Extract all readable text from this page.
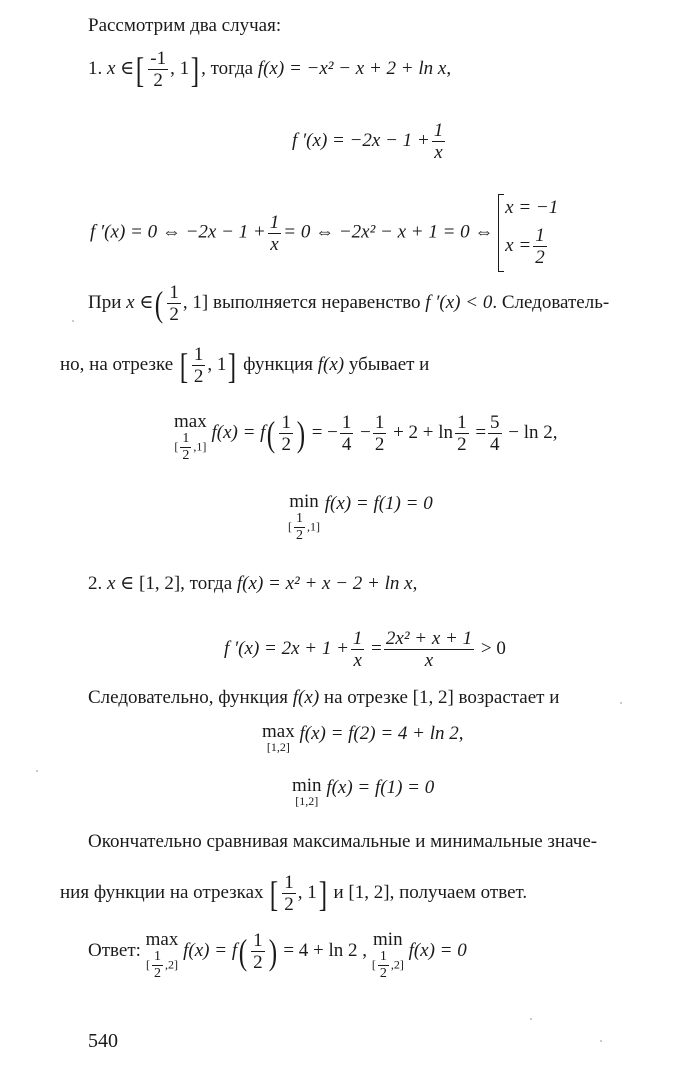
Рассмотрим два случая:
1. x ∈[ $\frac{-1}{2}$ , 1], тогда f(x) = −x² − x + 2 + ln x,
f $'(x) = -2x - 1 + \frac{1}{x}$
f ′(x) = 0 ⇔ $-2x - 1 + \frac{1}{x} = 0$ ⇔ −2x² − x + 1 = 0 ⇔
x = −1
$x = \frac{1}{2}$
При x ∈( $\frac{1}{2}$ , 1] выполняется неравенство f ′(x) < 0. Следователь-
но, на отрезке [ $\frac{1}{2}$ , 1] функция f(x) убывает и
max
[ $\frac{1}{2} ,1$]
$f(x) = f( \frac{1}{2}$ ) = − $\frac{1}{4} - \frac{1}{2} + 2 + \ln \frac{1}{2} = \frac{5}{4} - \ln 2$,
min
[ $\frac{1}{2} ,1$]
f(x) = f(1) = 0
2. x ∈ [1, 2], тогда f(x) = x² + x − 2 + ln x,
f $'(x) = 2x + 1 + \frac{1}{x} = \frac{\text{2x² + x + 1}}{x} > 0$
Следовательно, функция f(x) на отрезке [1, 2] возрастает и
max
[1,2]
f(x) = f(2) = 4 + ln 2,
min
[1,2]
f(x) = f(1) = 0
Окончательно сравнивая максимальные и минимальные значе-
ния функции на отрезках [ $\frac{1}{2}$ , 1] и [1, 2], получаем ответ.
Ответ:
max
[ $\frac{1}{2} ,2$]
$f(x) = f( \frac{1}{2}$ ) = 4 + ln 2 ,
min
[ $\frac{1}{2} ,2$]
f(x) = 0
540
